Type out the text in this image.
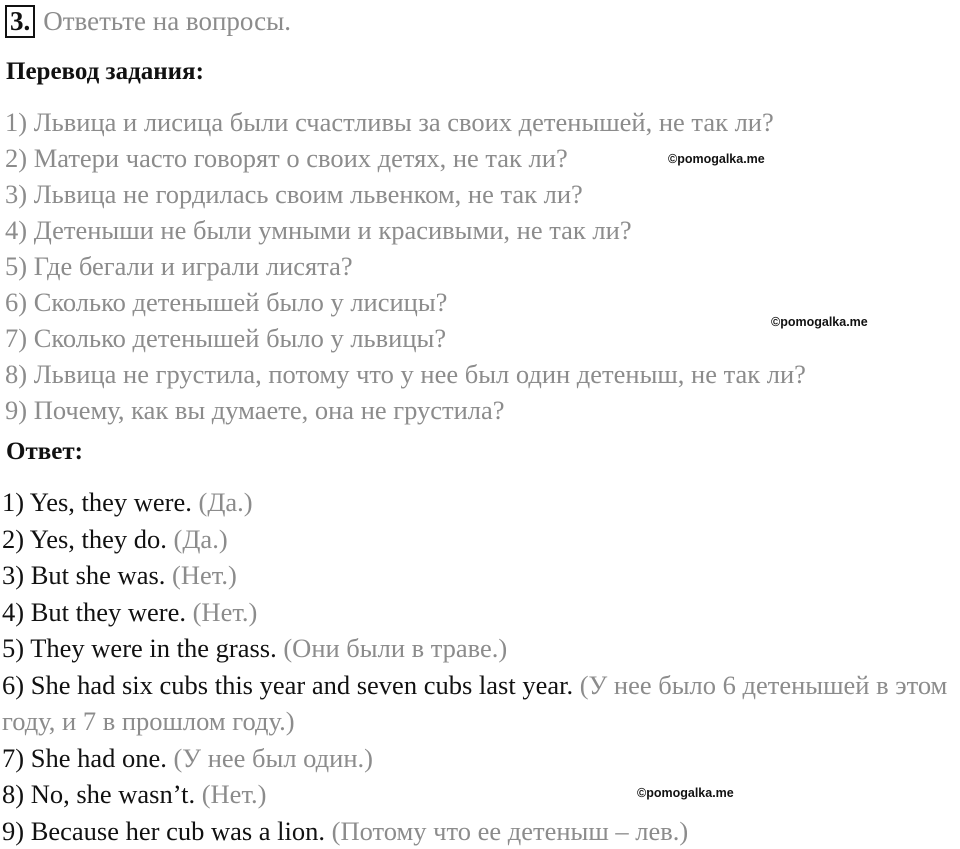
3. Ответьте на вопросы.
Перевод задания:
1) Львица и лисица были счастливы за своих детенышей, не так ли?
2) Матери часто говорят о своих детях, не так ли?
3) Львица не гордилась своим львенком, не так ли?
4) Детеныши не были умными и красивыми, не так ли?
5) Где бегали и играли лисята?
6) Сколько детенышей было у лисицы?
7) Сколько детенышей было у львицы?
8) Львица не грустила, потому что у нее был один детеныш, не так ли?
9) Почему, как вы думаете, она не грустила?
Ответ:
1) Yes, they were. (Да.)
2) Yes, they do. (Да.)
3) But she was. (Нет.)
4) But they were. (Нет.)
5) They were in the grass. (Они были в траве.)
6) She had six cubs this year and seven cubs last year. (У нее было 6 детенышей в этом году, и 7 в прошлом году.)
7) She had one. (У нее был один.)
8) No, she wasn’t. (Нет.)
9) Because her cub was a lion. (Потому что ее детеныш – лев.)
©pomogalka.me
©pomogalka.me
©pomogalka.me
